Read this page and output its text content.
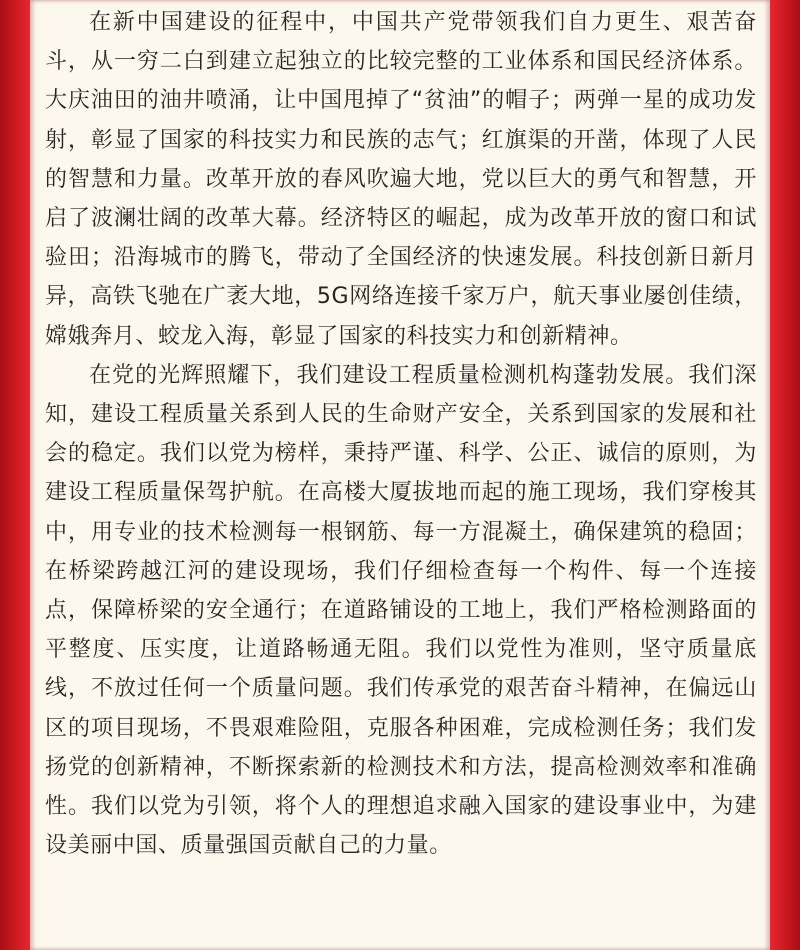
在新中国建设的征程中，中国共产党带领我们自力更生、艰苦奋斗，从一穷二白到建立起独立的比较完整的工业体系和国民经济体系。大庆油田的油井喷涌，让中国甩掉了“贫油”的帽子；两弹一星的成功发射，彰显了国家的科技实力和民族的志气；红旗渠的开凿，体现了人民的智慧和力量。改革开放的春风吹遍大地，党以巨大的勇气和智慧，开启了波澜壮阔的改革大幕。经济特区的崛起，成为改革开放的窗口和试验田；沿海城市的腾飞，带动了全国经济的快速发展。科技创新日新月异，高铁飞驰在广袤大地，5G网络连接千家万户，航天事业屡创佳绩，嫦娥奔月、蛟龙入海，彰显了国家的科技实力和创新精神。

在党的光辉照耀下，我们建设工程质量检测机构蓬勃发展。我们深知，建设工程质量关系到人民的生命财产安全，关系到国家的发展和社会的稳定。我们以党为榜样，秉持严谨、科学、公正、诚信的原则，为建设工程质量保驾护航。在高楼大厦拔地而起的施工现场，我们穿梭其中，用专业的技术检测每一根钢筋、每一方混凝土，确保建筑的稳固；在桥梁跨越江河的建设现场，我们仔细检查每一个构件、每一个连接点，保障桥梁的安全通行；在道路铺设的工地上，我们严格检测路面的平整度、压实度，让道路畅通无阻。我们以党性为准则，坚守质量底线，不放过任何一个质量问题。我们传承党的艰苦奋斗精神，在偏远山区的项目现场，不畏艰难险阻，克服各种困难，完成检测任务；我们发扬党的创新精神，不断探索新的检测技术和方法，提高检测效率和准确性。我们以党为引领，将个人的理想追求融入国家的建设事业中，为建设美丽中国、质量强国贡献自己的力量。
